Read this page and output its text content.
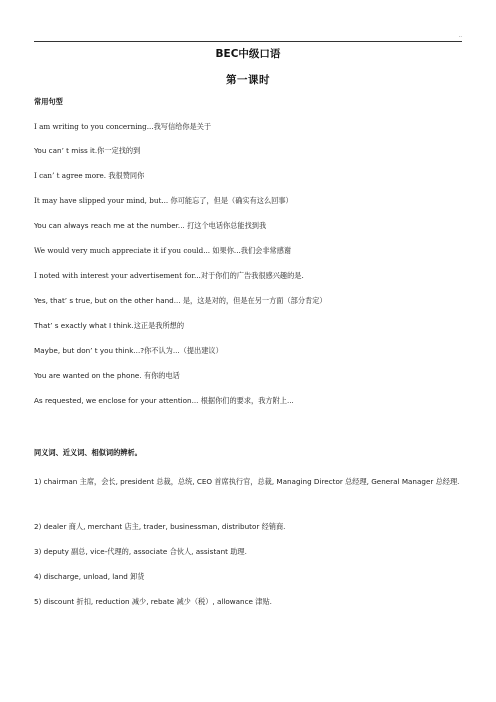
..
BEC中级口语
第一课时
常用句型
I am writing to you concerning...我写信给你是关于
You can’ t miss it.你一定找的到
I can’ t agree more. 我很赞同你
It may have slipped your mind, but... 你可能忘了，但是（确实有这么回事）
You can always reach me at the number... 打这个电话你总能找到我
We would very much appreciate it if you could... 如果你...我们会非常感谢
I noted with interest your advertisement for...对于你们的广告我很感兴趣的是.
Yes, that’ s true, but on the other hand... 是，这是对的，但是在另一方面（部分肯定）
That’ s exactly what I think.这正是我所想的
Maybe, but don’ t you think...?你不认为...（提出建议）
You are wanted on the phone. 有你的电话
As requested, we enclose for your attention... 根据你们的要求，我方附上...
同义词、近义词、相似词的辨析。
1) chairman 主席，会长, president 总裁，总统, CEO 首席执行官，总裁, Managing Director 总经理, General Manager 总经理.
2) dealer 商人, merchant 店主, trader, businessman, distributor 经销商.
3) deputy 副总, vice-代理的, associate 合伙人, assistant 助理.
4) discharge, unload, land 卸货
5) discount 折扣, reduction 减少, rebate 减少（税）, allowance 津贴.
